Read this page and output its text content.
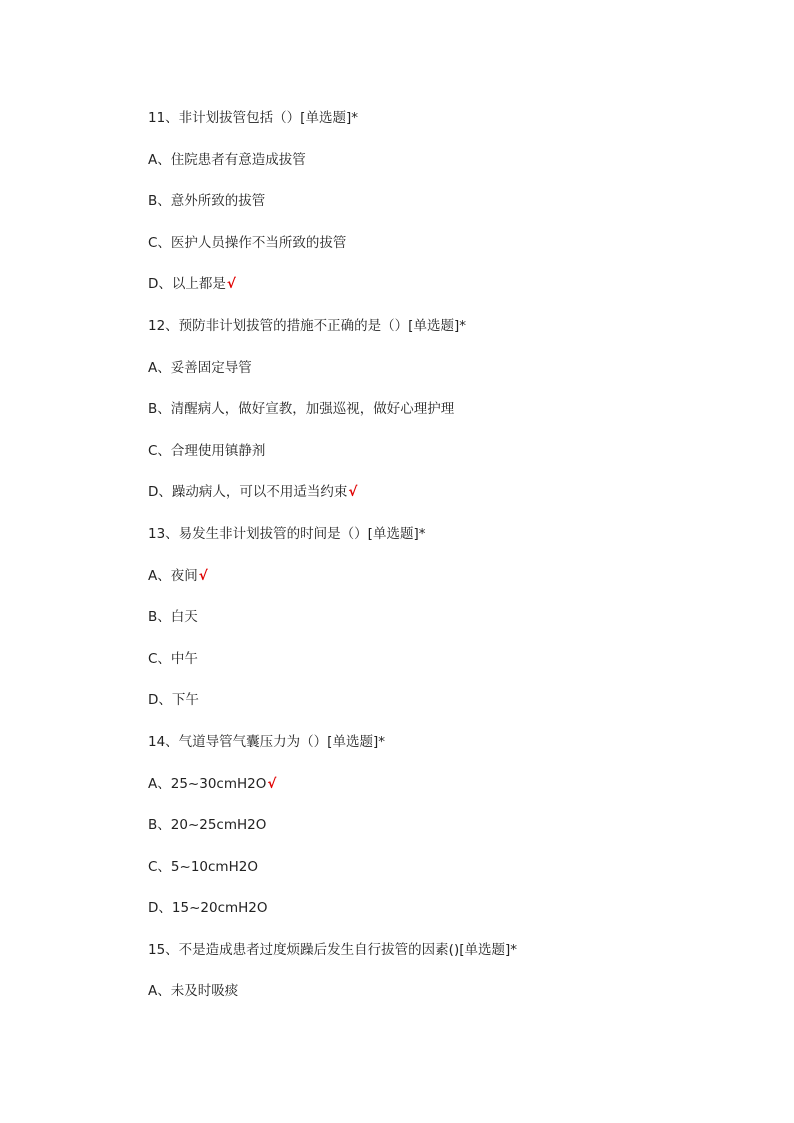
11、非计划拔管包括（）[单选题]*
A、住院患者有意造成拔管
B、意外所致的拔管
C、医护人员操作不当所致的拔管
D、以上都是√
12、预防非计划拔管的措施不正确的是（）[单选题]*
A、妥善固定导管
B、清醒病人，做好宣教，加强巡视，做好心理护理
C、合理使用镇静剂
D、躁动病人，可以不用适当约束√
13、易发生非计划拔管的时间是（）[单选题]*
A、夜间√
B、白天
C、中午
D、下午
14、气道导管气囊压力为（）[单选题]*
A、25~30cmH2O√
B、20~25cmH2O
C、5~10cmH2O
D、15~20cmH2O
15、不是造成患者过度烦躁后发生自行拔管的因素()[单选题]*
A、未及时吸痰
